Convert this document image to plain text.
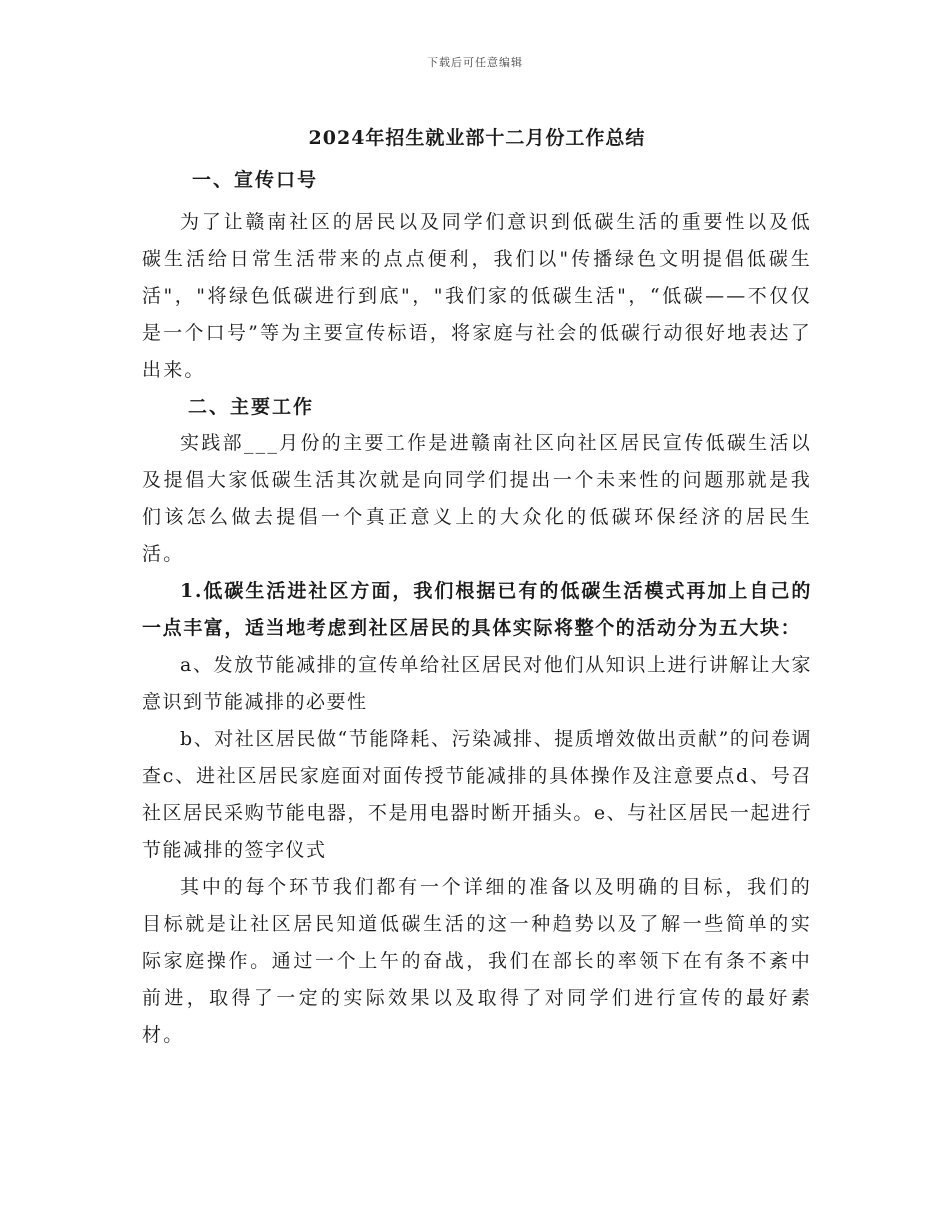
下载后可任意编辑
2024年招生就业部十二月份工作总结
一、宣传口号

为了让赣南社区的居民以及同学们意识到低碳生活的重要性以及低碳生活给日常生活带来的点点便利，我们以"传播绿色文明提倡低碳生活"，"将绿色低碳进行到底"，"我们家的低碳生活"，“低碳——不仅仅是一个口号”等为主要宣传标语，将家庭与社会的低碳行动很好地表达了出来。

二、主要工作

实践部___月份的主要工作是进赣南社区向社区居民宣传低碳生活以及提倡大家低碳生活其次就是向同学们提出一个未来性的问题那就是我们该怎么做去提倡一个真正意义上的大众化的低碳环保经济的居民生活。

1.低碳生活进社区方面，我们根据已有的低碳生活模式再加上自己的一点丰富，适当地考虑到社区居民的具体实际将整个的活动分为五大块：

a、发放节能减排的宣传单给社区居民对他们从知识上进行讲解让大家意识到节能减排的必要性

b、对社区居民做“节能降耗、污染减排、提质增效做出贡献”的问卷调查c、进社区居民家庭面对面传授节能减排的具体操作及注意要点d、号召社区居民采购节能电器，不是用电器时断开插头。e、与社区居民一起进行节能减排的签字仪式

其中的每个环节我们都有一个详细的准备以及明确的目标，我们的目标就是让社区居民知道低碳生活的这一种趋势以及了解一些简单的实际家庭操作。通过一个上午的奋战，我们在部长的率领下在有条不紊中前进，取得了一定的实际效果以及取得了对同学们进行宣传的最好素材。
